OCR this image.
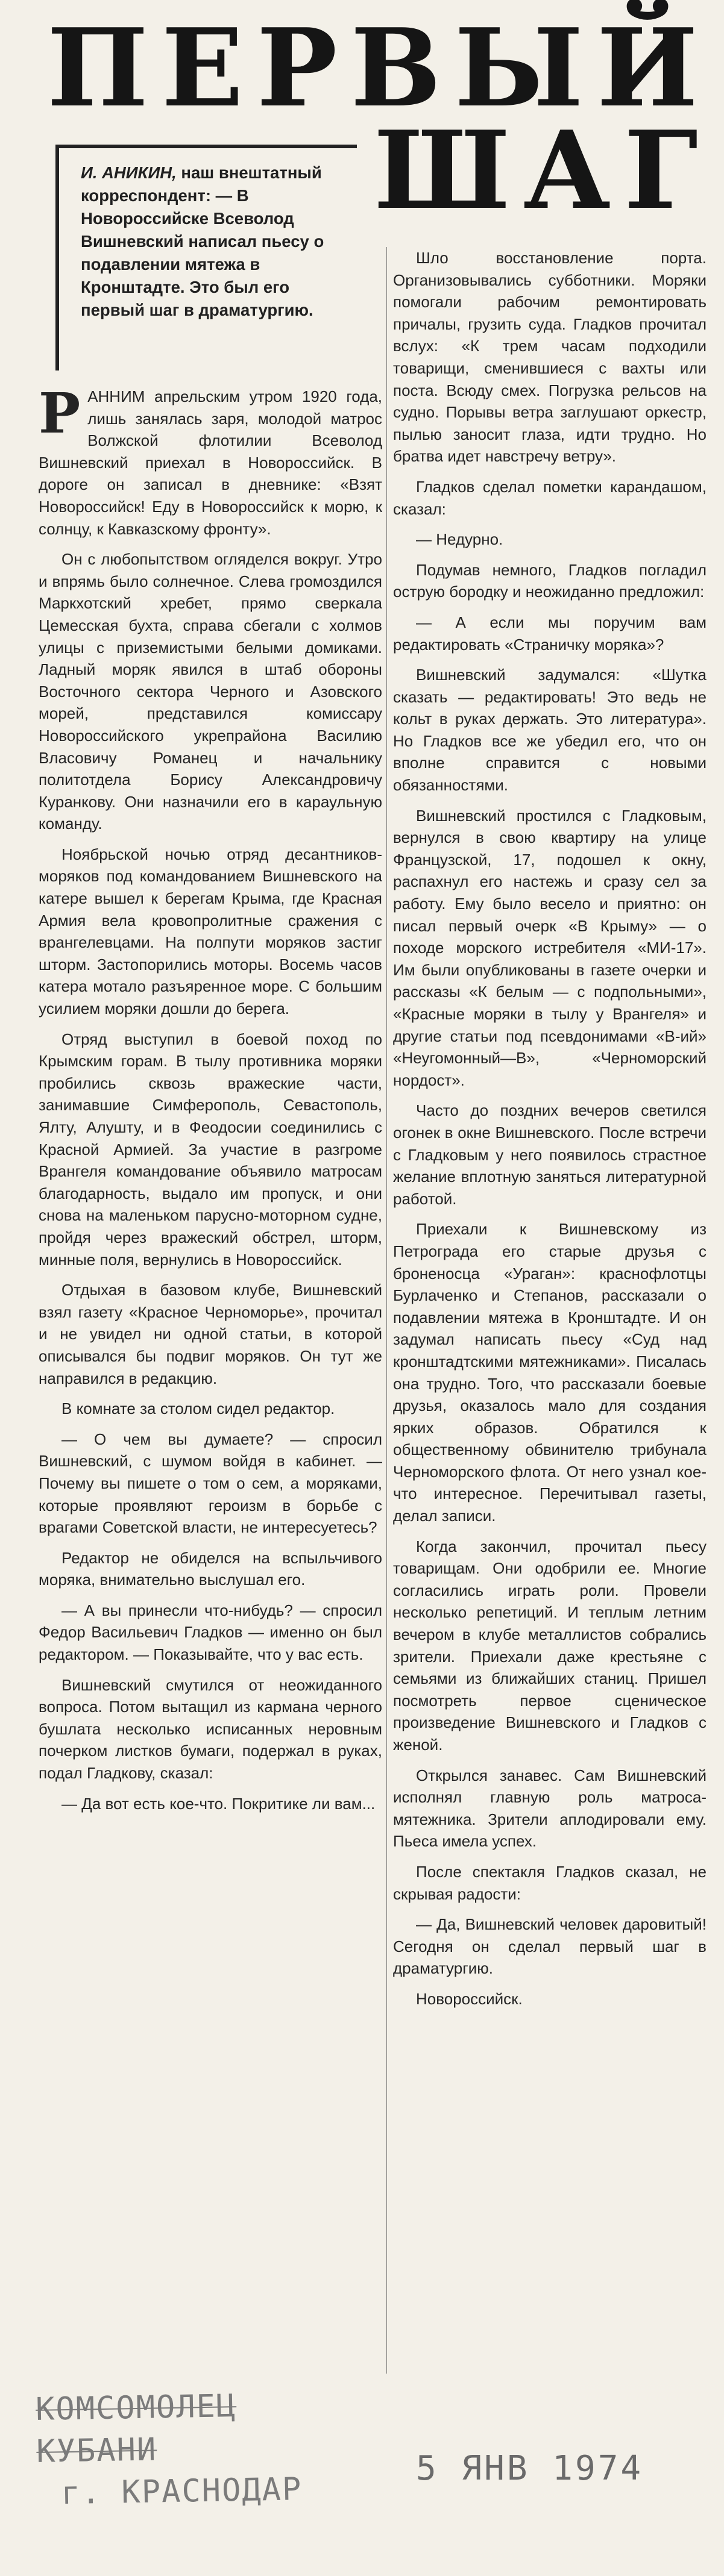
ПЕРВЫЙ
ШАГ
И. АНИКИН, наш внештатный корреспондент: — В Новороссийске Всеволод Вишневский написал пьесу о подавлении мятежа в Кронштадте. Это был его первый шаг в драматургию.

РАННИМ апрельским утром 1920 года, лишь занялась заря, молодой матрос Волжской флотилии Всеволод Вишневский приехал в Новороссийск. В дороге он записал в дневнике: «Взят Новороссийск! Еду в Новороссийск к морю, к солнцу, к Кавказскому фронту».

Он с любопытством огляделся вокруг. Утро и впрямь было солнечное. Слева громоздился Маркхотский хребет, прямо сверкала Цемесская бухта, справа сбегали с холмов улицы с приземистыми белыми домиками. Ладный моряк явился в штаб обороны Восточного сектора Черного и Азовского морей, представился комиссару Новороссийского укрепрайона Василию Власовичу Романец и начальнику политотдела Борису Александровичу Куранкову. Они назначили его в караульную команду.

Ноябрьской ночью отряд десантников-моряков под командованием Вишневского на катере вышел к берегам Крыма, где Красная Армия вела кровопролитные сражения с врангелевцами. На полпути моряков застиг шторм. Застопорились моторы. Восемь часов катера мотало разъяренное море. С большим усилием моряки дошли до берега.

Отряд выступил в боевой поход по Крымским горам. В тылу противника моряки пробились сквозь вражеские части, занимавшие Симферополь, Севастополь, Ялту, Алушту, и в Феодосии соединились с Красной Армией. За участие в разгроме Врангеля командование объявило матросам благодарность, выдало им пропуск, и они снова на маленьком парусно-моторном судне, пройдя через вражеский обстрел, шторм, минные поля, вернулись в Новороссийск.

Отдыхая в базовом клубе, Вишневский взял газету «Красное Черноморье», прочитал и не увидел ни одной статьи, в которой описывался бы подвиг моряков. Он тут же направился в редакцию.

В комнате за столом сидел редактор.

— О чем вы думаете? — спросил Вишневский, с шумом войдя в кабинет. — Почему вы пишете о том о сем, а моряками, которые проявляют героизм в борьбе с врагами Советской власти, не интересуетесь?

Редактор не обиделся на вспыльчивого моряка, внимательно выслушал его.

— А вы принесли что-нибудь? — спросил Федор Васильевич Гладков — именно он был редактором. — Показывайте, что у вас есть.

Вишневский смутился от неожиданного вопроса. Потом вытащил из кармана черного бушлата несколько исписанных неровным почерком листков бумаги, подержал в руках, подал Гладкову, сказал:

— Да вот есть кое-что. Покритике ли вам...

Шло восстановление порта. Организовывались субботники. Моряки помогали рабочим ремонтировать причалы, грузить суда. Гладков прочитал вслух: «К трем часам подходили товарищи, сменившиеся с вахты или поста. Всюду смех. Погрузка рельсов на судно. Порывы ветра заглушают оркестр, пылью заносит глаза, идти трудно. Но братва идет навстречу ветру».

Гладков сделал пометки карандашом, сказал:

— Недурно.

Подумав немного, Гладков погладил острую бородку и неожиданно предложил:

— А если мы поручим вам редактировать «Страничку моряка»?

Вишневский задумался: «Шутка сказать — редактировать! Это ведь не кольт в руках держать. Это литература». Но Гладков все же убедил его, что он вполне справится с новыми обязанностями.

Вишневский простился с Гладковым, вернулся в свою квартиру на улице Французской, 17, подошел к окну, распахнул его настежь и сразу сел за работу. Ему было весело и приятно: он писал первый очерк «В Крыму» — о походе морского истребителя «МИ-17». Им были опубликованы в газете очерки и рассказы «К белым — с подпольными», «Красные моряки в тылу у Врангеля» и другие статьи под псевдонимами «В-ий» «Неугомонный—В», «Черноморский нордост».

Часто до поздних вечеров светился огонек в окне Вишневского. После встречи с Гладковым у него появилось страстное желание вплотную заняться литературной работой.

Приехали к Вишневскому из Петрограда его старые друзья с броненосца «Ураган»: краснофлотцы Бурлаченко и Степанов, рассказали о подавлении мятежа в Кронштадте. И он задумал написать пьесу «Суд над кронштадтскими мятежниками». Писалась она трудно. Того, что рассказали боевые друзья, оказалось мало для создания ярких образов. Обратился к общественному обвинителю трибунала Черноморского флота. От него узнал кое-что интересное. Перечитывал газеты, делал записи.

Когда закончил, прочитал пьесу товарищам. Они одобрили ее. Многие согласились играть роли. Провели несколько репетиций. И теплым летним вечером в клубе металлистов собрались зрители. Приехали даже крестьяне с семьями из ближайших станиц. Пришел посмотреть первое сценическое произведение Вишневского и Гладков с женой.

Открылся занавес. Сам Вишневский исполнял главную роль матроса-мятежника. Зрители аплодировали ему. Пьеса имела успех.

После спектакля Гладков сказал, не скрывая радости:

— Да, Вишневский человек даровитый! Сегодня он сделал первый шаг в драматургию.

Новороссийск.

КОМСОМОЛЕЦ КУБАНИ
г. КРАСНОДАР
5 ЯНВ 1974
